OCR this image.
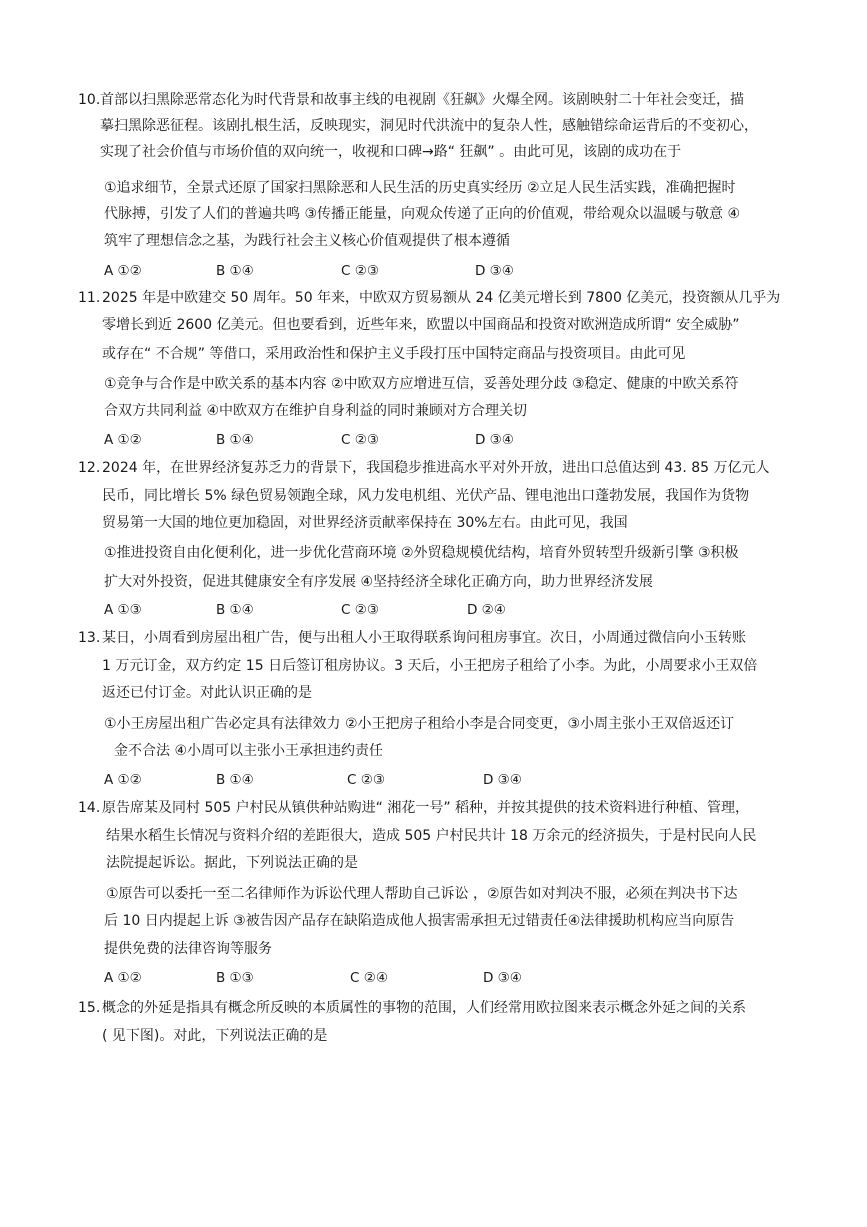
10. 首部以扫黑除恶常态化为时代背景和故事主线的电视剧《狂飙》火爆全网。该剧映射二十年社会变迁，描
摹扫黑除恶征程。该剧扎根生活，反映现实，洞见时代洪流中的复杂人性，感触错综命运背后的不变初心，
实现了社会价值与市场价值的双向统一，收视和口碑→路“ 狂飙” 。由此可见，该剧的成功在于
①追求细节，全景式还原了国家扫黑除恶和人民生活的历史真实经历 ②立足人民生活实践，准确把握时
代脉搏，引发了人们的普遍共鸣 ③传播正能量，向观众传递了正向的价值观，带给观众以温暖与敬意 ④
筑牢了理想信念之基，为践行社会主义核心价值观提供了根本遵循
A ①②	B ①④	C ②③	D ③④
11. 2025 年是中欧建交 50 周年。50 年来，中欧双方贸易额从 24 亿美元增长到 7800 亿美元，投资额从几乎为
零增长到近 2600 亿美元。但也要看到，近些年来，欧盟以中国商品和投资对欧洲造成所谓“ 安全威胁”
或存在“ 不合规” 等借口，采用政治性和保护主义手段打压中国特定商品与投资项目。由此可见
①竞争与合作是中欧关系的基本内容 ②中欧双方应增进互信，妥善处理分歧 ③稳定、健康的中欧关系符
合双方共同利益 ④中欧双方在维护自身利益的同时兼顾对方合理关切
A ①②	B ①④	C ②③	D ③④
12. 2024 年，在世界经济复苏乏力的背景下，我国稳步推进高水平对外开放，进出口总值达到 43. 85 万亿元人
民币，同比增长 5% 绿色贸易领跑全球，风力发电机组、光伏产品、锂电池出口蓬勃发展，我国作为货物
贸易第一大国的地位更加稳固，对世界经济贡献率保持在 30%左右。由此可见，我国
①推进投资自由化便利化，进一步优化营商环境 ②外贸稳规模优结构，培育外贸转型升级新引擎 ③积极
扩大对外投资，促进其健康安全有序发展 ④坚持经济全球化正确方向，助力世界经济发展
A ①③	B ①④	C ②③	D ②④
13. 某日，小周看到房屋出租广告，便与出租人小王取得联系询问租房事宜。次日，小周通过微信向小玉转账
1 万元订金，双方约定 15 日后签订租房协议。3 天后，小王把房子租给了小李。为此，小周要求小王双倍
返还已付订金。对此认识正确的是
①小王房屋出租广告必定具有法律效力 ②小王把房子租给小李是合同变更，③小周主张小王双倍返还订
金不合法 ④小周可以主张小王承担违约责任
A ①②	B ①④	C ②③	D ③④
14. 原告席某及同村 505 户村民从镇供种站购进“ 湘花一号” 稻种，并按其提供的技术资料进行种植、管理，
结果水稻生长情况与资料介绍的差距很大，造成 505 户村民共计 18 万余元的经济损失，于是村民向人民
法院提起诉讼。据此，下列说法正确的是
①原告可以委托一至二名律师作为诉讼代理人帮助自己诉讼 ，②原告如对判决不服，必须在判决书下达
后 10 日内提起上诉 ③被告因产品存在缺陷造成他人损害需承担无过错责任④法律援助机构应当向原告
提供免费的法律咨询等服务
A ①②	B ①③	C ②④	D ③④
15. 概念的外延是指具有概念所反映的本质属性的事物的范围，人们经常用欧拉图来表示概念外延之间的关系
( 见下图)。对此，下列说法正确的是
